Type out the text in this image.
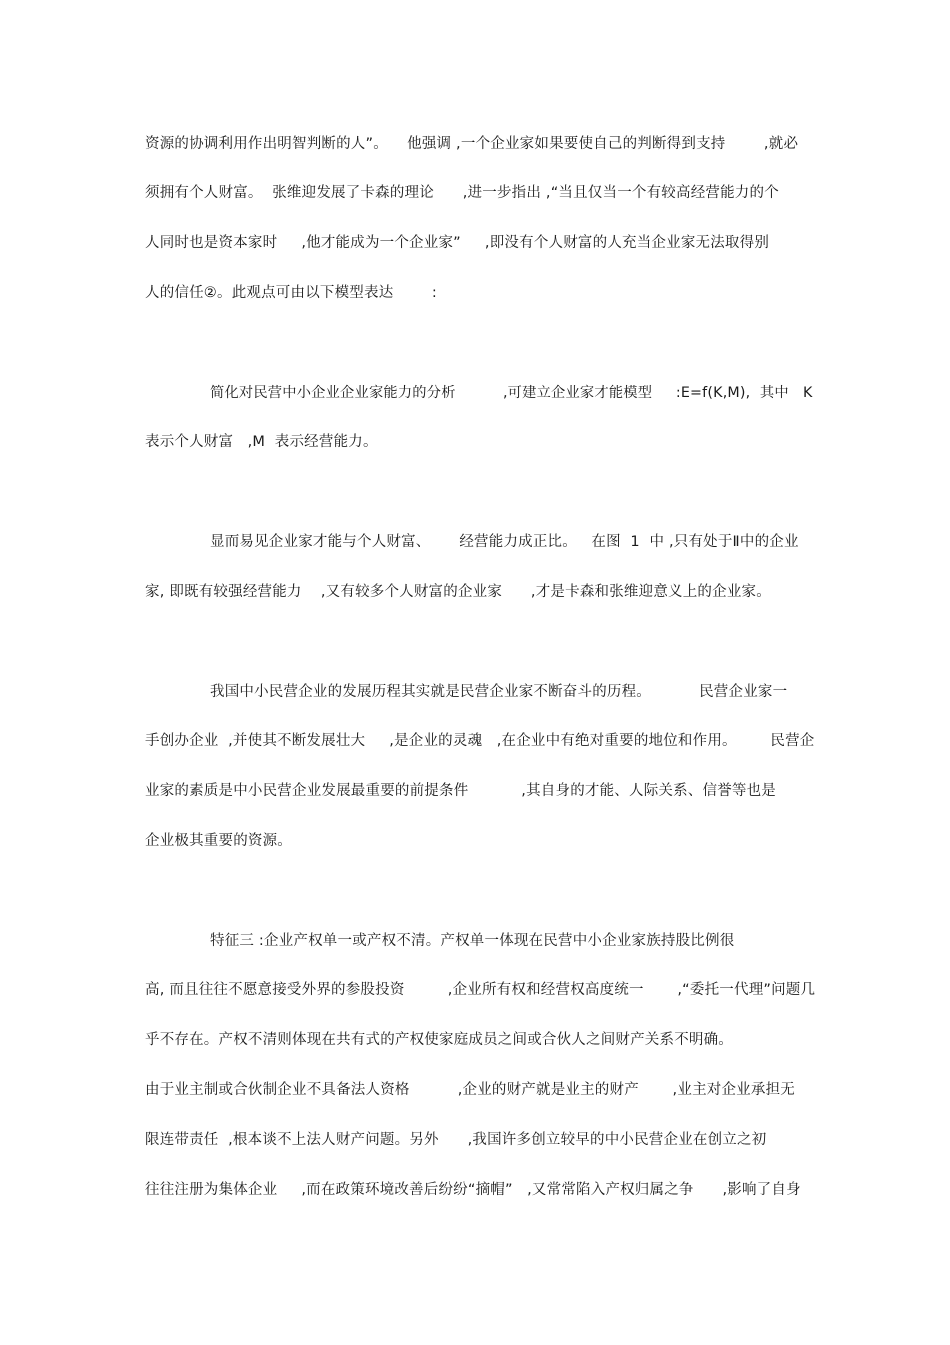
资源的协调利用作出明智判断的人”。    他强调 ,一个企业家如果要使自己的判断得到支持        ,就必
须拥有个人财富。  张维迎发展了卡森的理论      ,进一步指出 ,“当且仅当一个有较高经营能力的个
人同时也是资本家时     ,他才能成为一个企业家”     ,即没有个人财富的人充当企业家无法取得别
人的信任②。此观点可由以下模型表达        :
简化对民营中小企业企业家能力的分析          ,可建立企业家才能模型     :E=f(K,M),  其中   K
表示个人财富   ,M  表示经营能力。
显而易见企业家才能与个人财富、      经营能力成正比。   在图  1  中 ,只有处于Ⅱ中的企业
家, 即既有较强经营能力    ,又有较多个人财富的企业家      ,才是卡森和张维迎意义上的企业家。
我国中小民营企业的发展历程其实就是民营企业家不断奋斗的历程。          民营企业家一
手创办企业  ,并使其不断发展壮大     ,是企业的灵魂   ,在企业中有绝对重要的地位和作用。       民营企
业家的素质是中小民营企业发展最重要的前提条件           ,其自身的才能、人际关系、信誉等也是
企业极其重要的资源。
特征三 :企业产权单一或产权不清。产权单一体现在民营中小企业家族持股比例很
高, 而且往往不愿意接受外界的参股投资         ,企业所有权和经营权高度统一       ,“委托一代理”问题几
乎不存在。产权不清则体现在共有式的产权使家庭成员之间或合伙人之间财产关系不明确。
由于业主制或合伙制企业不具备法人资格          ,企业的财产就是业主的财产       ,业主对企业承担无
限连带责任  ,根本谈不上法人财产问题。另外      ,我国许多创立较早的中小民营企业在创立之初
往往注册为集体企业     ,而在政策环境改善后纷纷“摘帽”   ,又常常陷入产权归属之争      ,影响了自身
